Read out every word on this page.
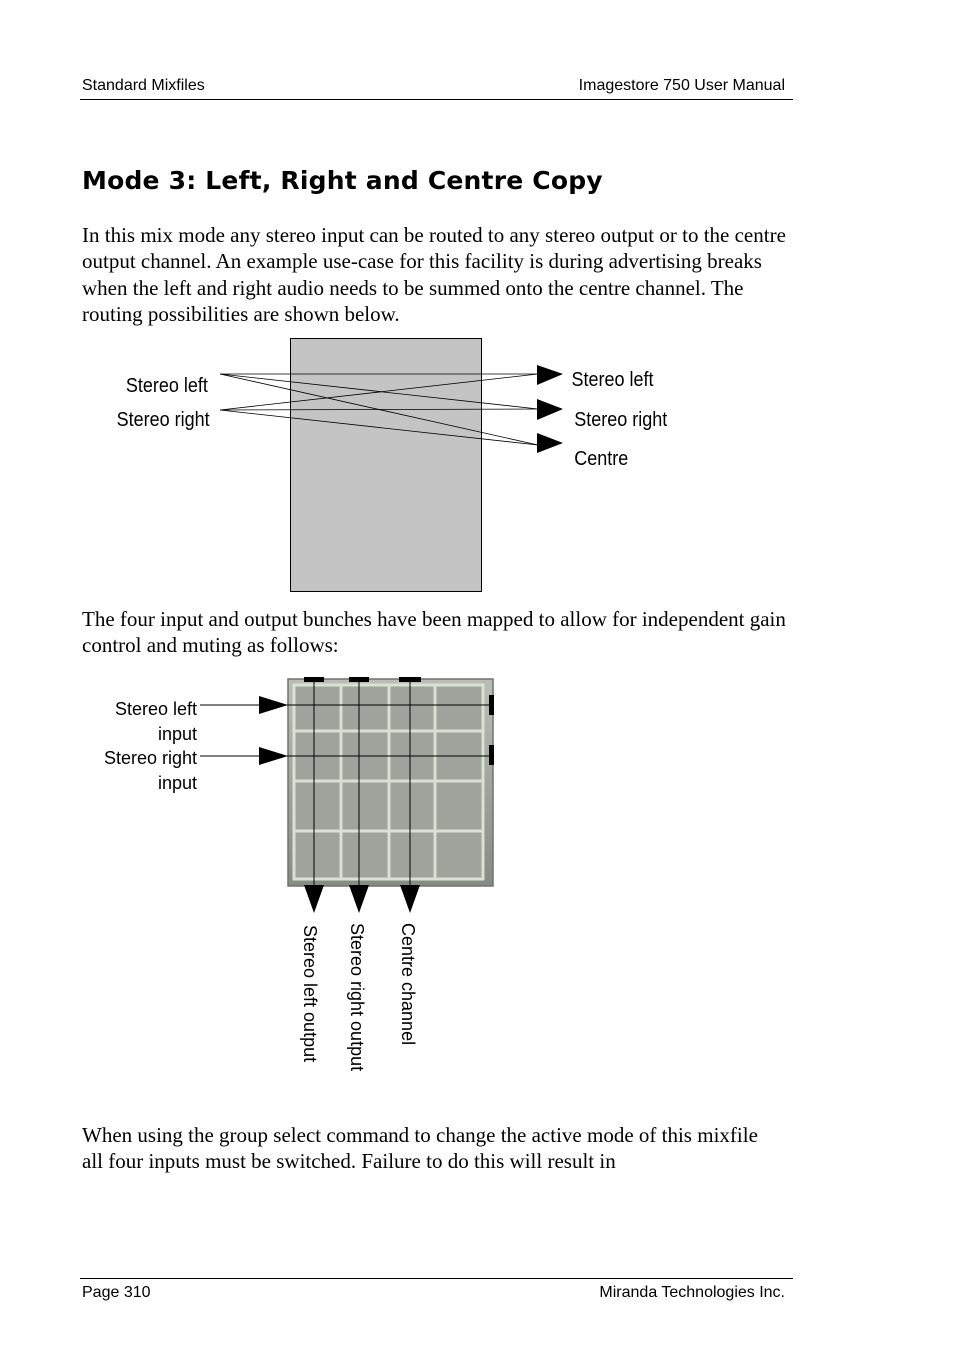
Standard Mixfiles	Imagestore 750 User Manual
Mode 3: Left, Right and Centre Copy

In this mix mode any stereo input can be routed to any stereo output or to the centre output channel. An example use-case for this facility is during advertising breaks when the left and right audio needs to be summed onto the centre channel. The routing possibilities are shown below.

Stereo left
Stereo right
Stereo left
Stereo right
Centre

The four input and output bunches have been mapped to allow for independent gain control and muting as follows:

Stereo left
input
Stereo right
input
Stereo left output Stereo right output Centre channel

When using the group select command to change the active mode of this mixfile all four inputs must be switched. Failure to do this will result in

Page 310	Miranda Technologies Inc.
